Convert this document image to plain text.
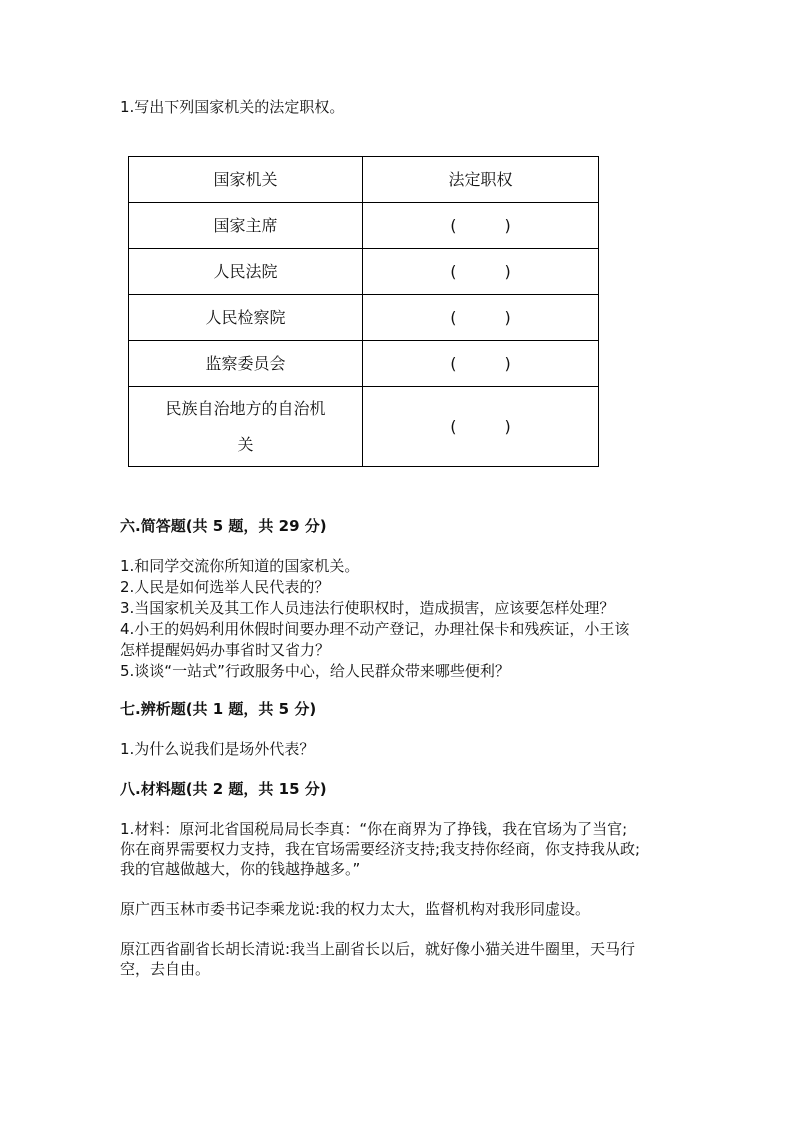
1.写出下列国家机关的法定职权。
国家机关	法定职权
国家主席	( )
人民法院	( )
人民检察院	( )
监察委员会	( )

民族自治地方的自治机
关	( )
六.简答题(共 5 题，共 29 分)
1.和同学交流你所知道的国家机关。
2.人民是如何选举人民代表的？
3.当国家机关及其工作人员违法行使职权时，造成损害，应该要怎样处理？
4.小王的妈妈利用休假时间要办理不动产登记，办理社保卡和残疾证，小王该
怎样提醒妈妈办事省时又省力？
5.谈谈“一站式”行政服务中心，给人民群众带来哪些便利？
七.辨析题(共 1 题，共 5 分)
1.为什么说我们是场外代表？
八.材料题(共 2 题，共 15 分)
1.材料：原河北省国税局局长李真：“你在商界为了挣钱，我在官场为了当官;
你在商界需要权力支持，我在官场需要经济支持;我支持你经商，你支持我从政;
我的官越做越大，你的钱越挣越多。”
原广西玉林市委书记李乘龙说:我的权力太大，监督机构对我形同虚设。
原江西省副省长胡长清说:我当上副省长以后，就好像小猫关进牛圈里，天马行
空，去自由。
